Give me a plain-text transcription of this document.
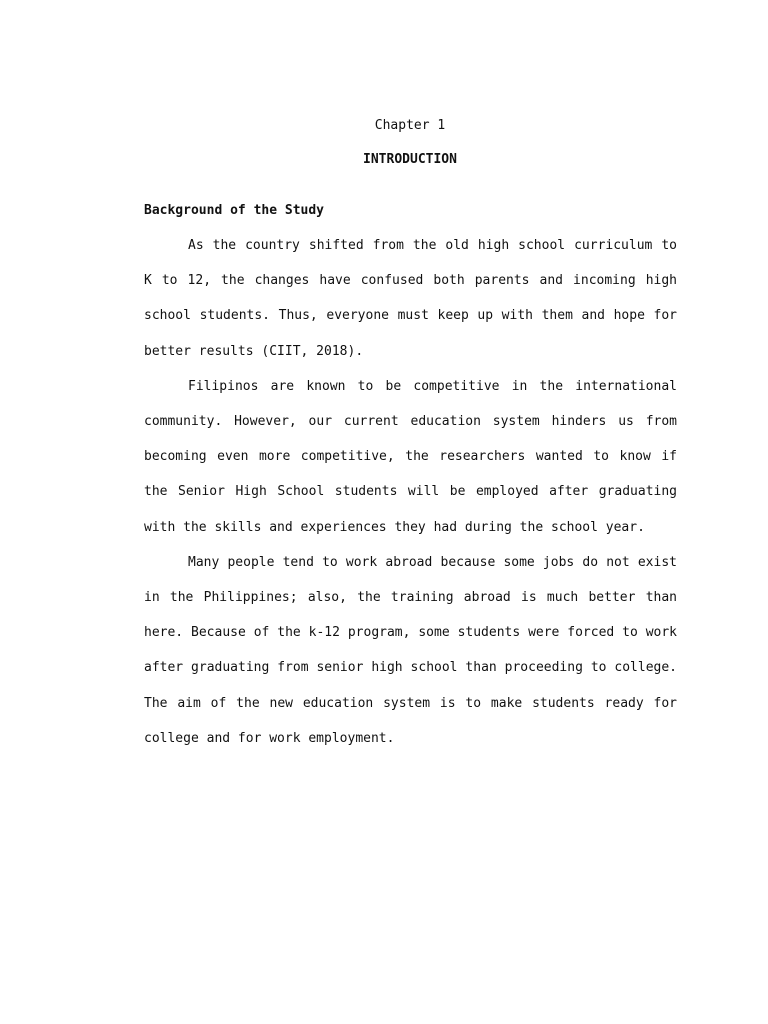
Chapter 1
INTRODUCTION
Background of the Study

As the country shifted from the old high school curriculum to K to 12, the changes have confused both parents and incoming high school students. Thus, everyone must keep up with them and hope for better results (CIIT, 2018).

Filipinos are known to be competitive in the international community. However, our current education system hinders us from becoming even more competitive, the researchers wanted to know if the Senior High School students will be employed after graduating with the skills and experiences they had during the school year.

Many people tend to work abroad because some jobs do not exist in the Philippines; also, the training abroad is much better than here. Because of the k-12 program, some students were forced to work after graduating from senior high school than proceeding to college. The aim of the new education system is to make students ready for college and for work employment.
